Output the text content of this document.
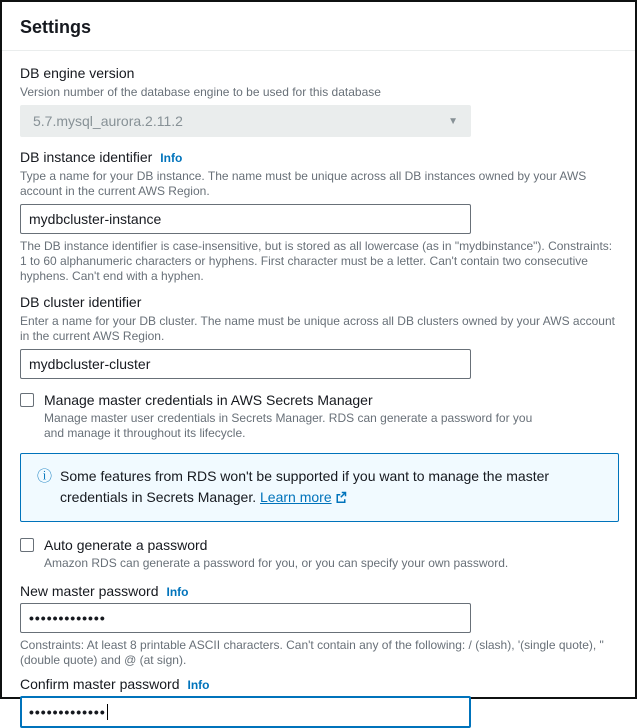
Settings
DB engine version

Version number of the database engine to be used for this database

5.7.mysql_aurora.2.11.2	▼
DB instance identifier Info

Type a name for your DB instance. The name must be unique across all DB instances owned by your AWS account in the current AWS Region.

mydbcluster-instance

The DB instance identifier is case-insensitive, but is stored as all lowercase (as in "mydbinstance"). Constraints: 1 to 60 alphanumeric characters or hyphens. First character must be a letter. Can't contain two consecutive hyphens. Can't end with a hyphen.

DB cluster identifier

Enter a name for your DB cluster. The name must be unique across all DB clusters owned by your AWS account in the current AWS Region.

mydbcluster-cluster
Manage master credentials in AWS Secrets Manager

Manage master user credentials in Secrets Manager. RDS can generate a password for you and manage it throughout its lifecycle.

ⓘ Some features from RDS won't be supported if you want to manage the master credentials in Secrets Manager. Learn more
Auto generate a password

Amazon RDS can generate a password for you, or you can specify your own password.

New master password Info
•••••••••••••

Constraints: At least 8 printable ASCII characters. Can't contain any of the following: / (slash), '(single quote), "(double quote) and @ (at sign).

Confirm master password Info
•••••••••••••
